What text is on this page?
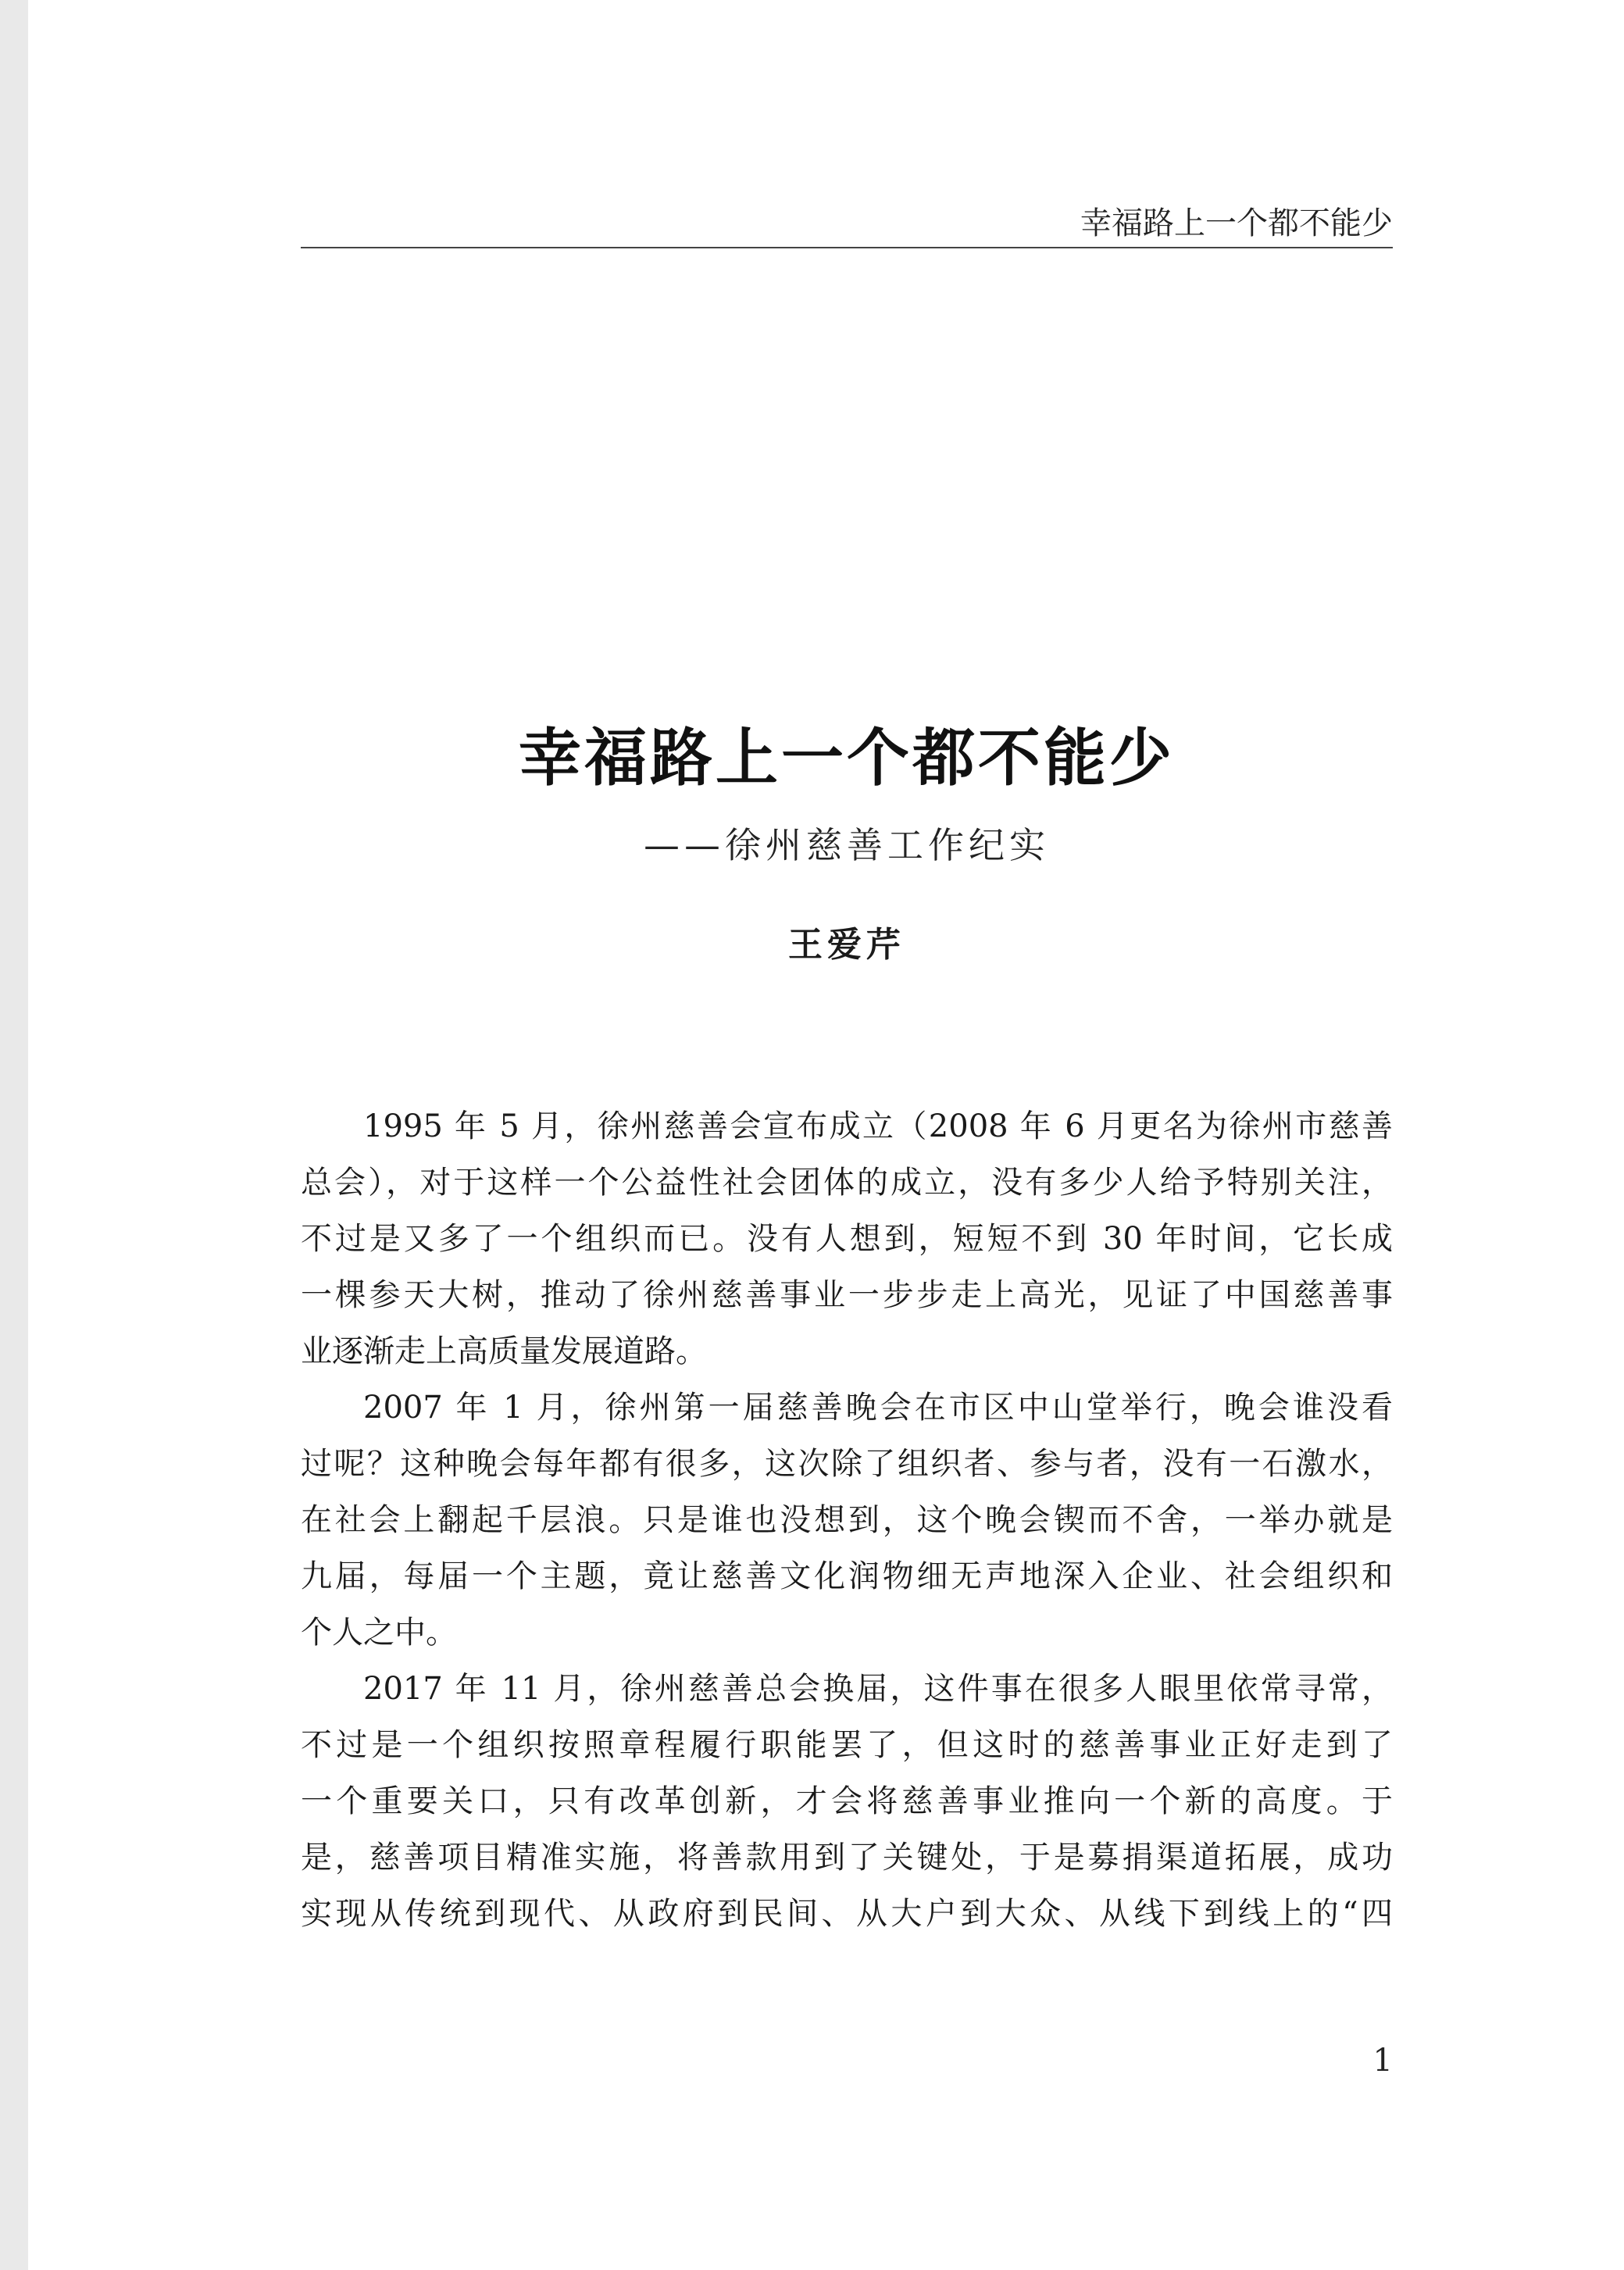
幸福路上一个都不能少
幸福路上一个都不能少
——徐州慈善工作纪实
王爱芹

1995 年 5 月，徐州慈善会宣布成立（2008 年 6 月更名为徐州市慈善
总会），对于这样一个公益性社会团体的成立，没有多少人给予特别关注，
不过是又多了一个组织而已。没有人想到，短短不到 30 年时间，它长成
一棵参天大树，推动了徐州慈善事业一步步走上高光，见证了中国慈善事
业逐渐走上高质量发展道路。

2007 年 1 月，徐州第一届慈善晚会在市区中山堂举行，晚会谁没看
过呢？这种晚会每年都有很多，这次除了组织者、参与者，没有一石激水，
在社会上翻起千层浪。只是谁也没想到，这个晚会锲而不舍，一举办就是
九届，每届一个主题，竟让慈善文化润物细无声地深入企业、社会组织和
个人之中。

2017 年 11 月，徐州慈善总会换届，这件事在很多人眼里依常寻常，
不过是一个组织按照章程履行职能罢了，但这时的慈善事业正好走到了
一个重要关口，只有改革创新，才会将慈善事业推向一个新的高度。于
是，慈善项目精准实施，将善款用到了关键处，于是募捐渠道拓展，成功
实现从传统到现代、从政府到民间、从大户到大众、从线下到线上的“四

1
